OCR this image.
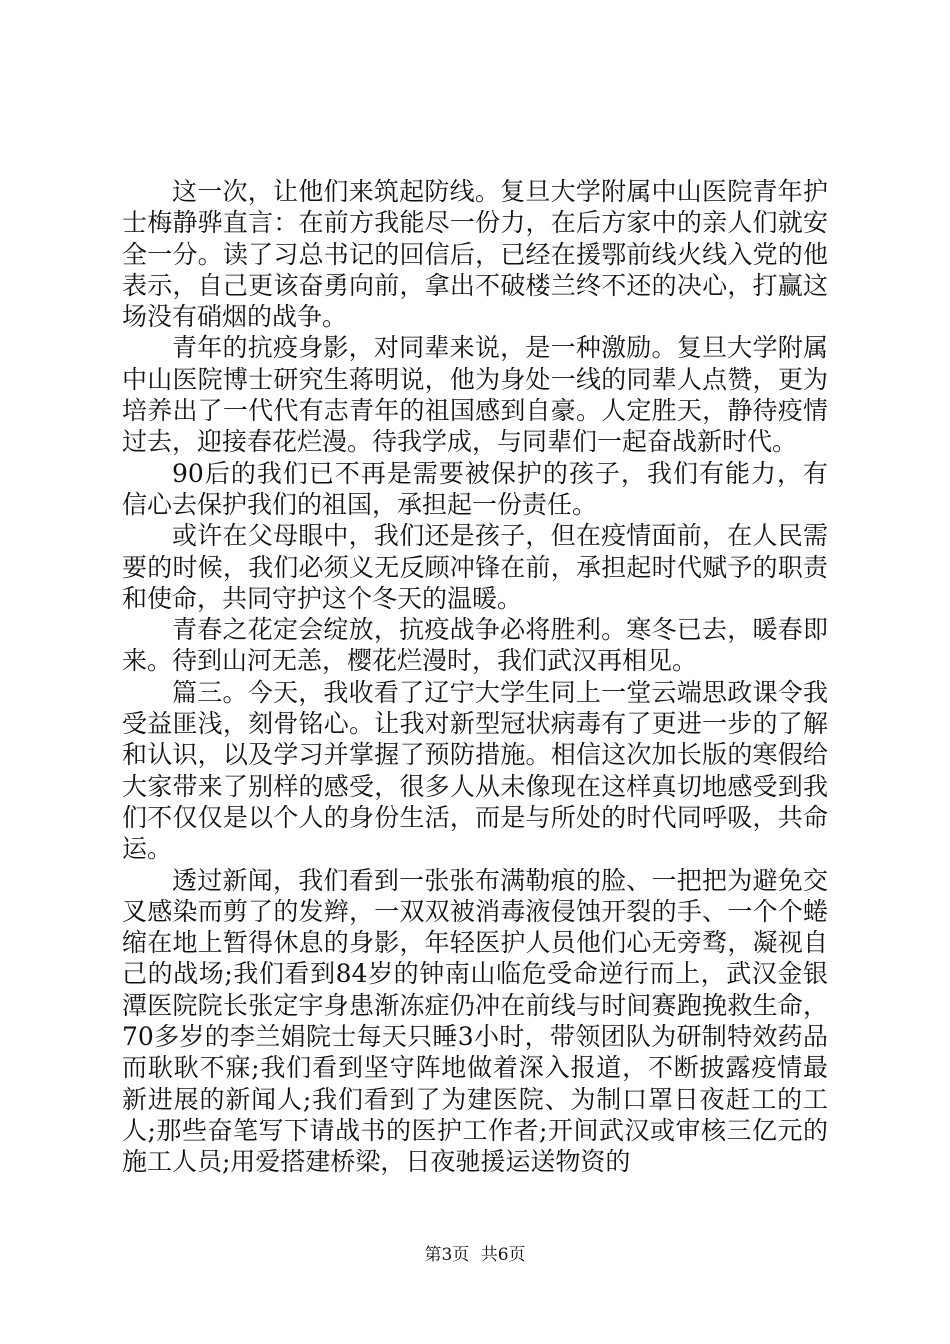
这一次，让他们来筑起防线。复旦大学附属中山医院青年护士梅静骅直言：在前方我能尽一份力，在后方家中的亲人们就安全一分。读了习总书记的回信后，已经在援鄂前线火线入党的他表示，自己更该奋勇向前，拿出不破楼兰终不还的决心，打赢这场没有硝烟的战争。

青年的抗疫身影，对同辈来说，是一种激励。复旦大学附属中山医院博士研究生蒋明说，他为身处一线的同辈人点赞，更为培养出了一代代有志青年的祖国感到自豪。人定胜天，静待疫情过去，迎接春花烂漫。待我学成，与同辈们一起奋战新时代。

90后的我们已不再是需要被保护的孩子，我们有能力，有信心去保护我们的祖国，承担起一份责任。

或许在父母眼中，我们还是孩子，但在疫情面前，在人民需要的时候，我们必须义无反顾冲锋在前，承担起时代赋予的职责和使命，共同守护这个冬天的温暖。

青春之花定会绽放，抗疫战争必将胜利。寒冬已去，暖春即来。待到山河无恙，樱花烂漫时，我们武汉再相见。

篇三。今天，我收看了辽宁大学生同上一堂云端思政课令我受益匪浅，刻骨铭心。让我对新型冠状病毒有了更进一步的了解和认识，以及学习并掌握了预防措施。相信这次加长版的寒假给大家带来了别样的感受，很多人从未像现在这样真切地感受到我们不仅仅是以个人的身份生活，而是与所处的时代同呼吸，共命运。

透过新闻，我们看到一张张布满勒痕的脸、一把把为避免交叉感染而剪了的发辫，一双双被消毒液侵蚀开裂的手、一个个蜷缩在地上暂得休息的身影，年轻医护人员他们心无旁骛，凝视自己的战场;我们看到84岁的钟南山临危受命逆行而上，武汉金银潭医院院长张定宇身患渐冻症仍冲在前线与时间赛跑挽救生命，70多岁的李兰娟院士每天只睡3小时，带领团队为研制特效药品而耿耿不寐;我们看到坚守阵地做着深入报道，不断披露疫情最新进展的新闻人;我们看到了为建医院、为制口罩日夜赶工的工人;那些奋笔写下请战书的医护工作者;开间武汉或审核三亿元的施工人员;用爱搭建桥梁，日夜驰援运送物资的

第3页 共6页
